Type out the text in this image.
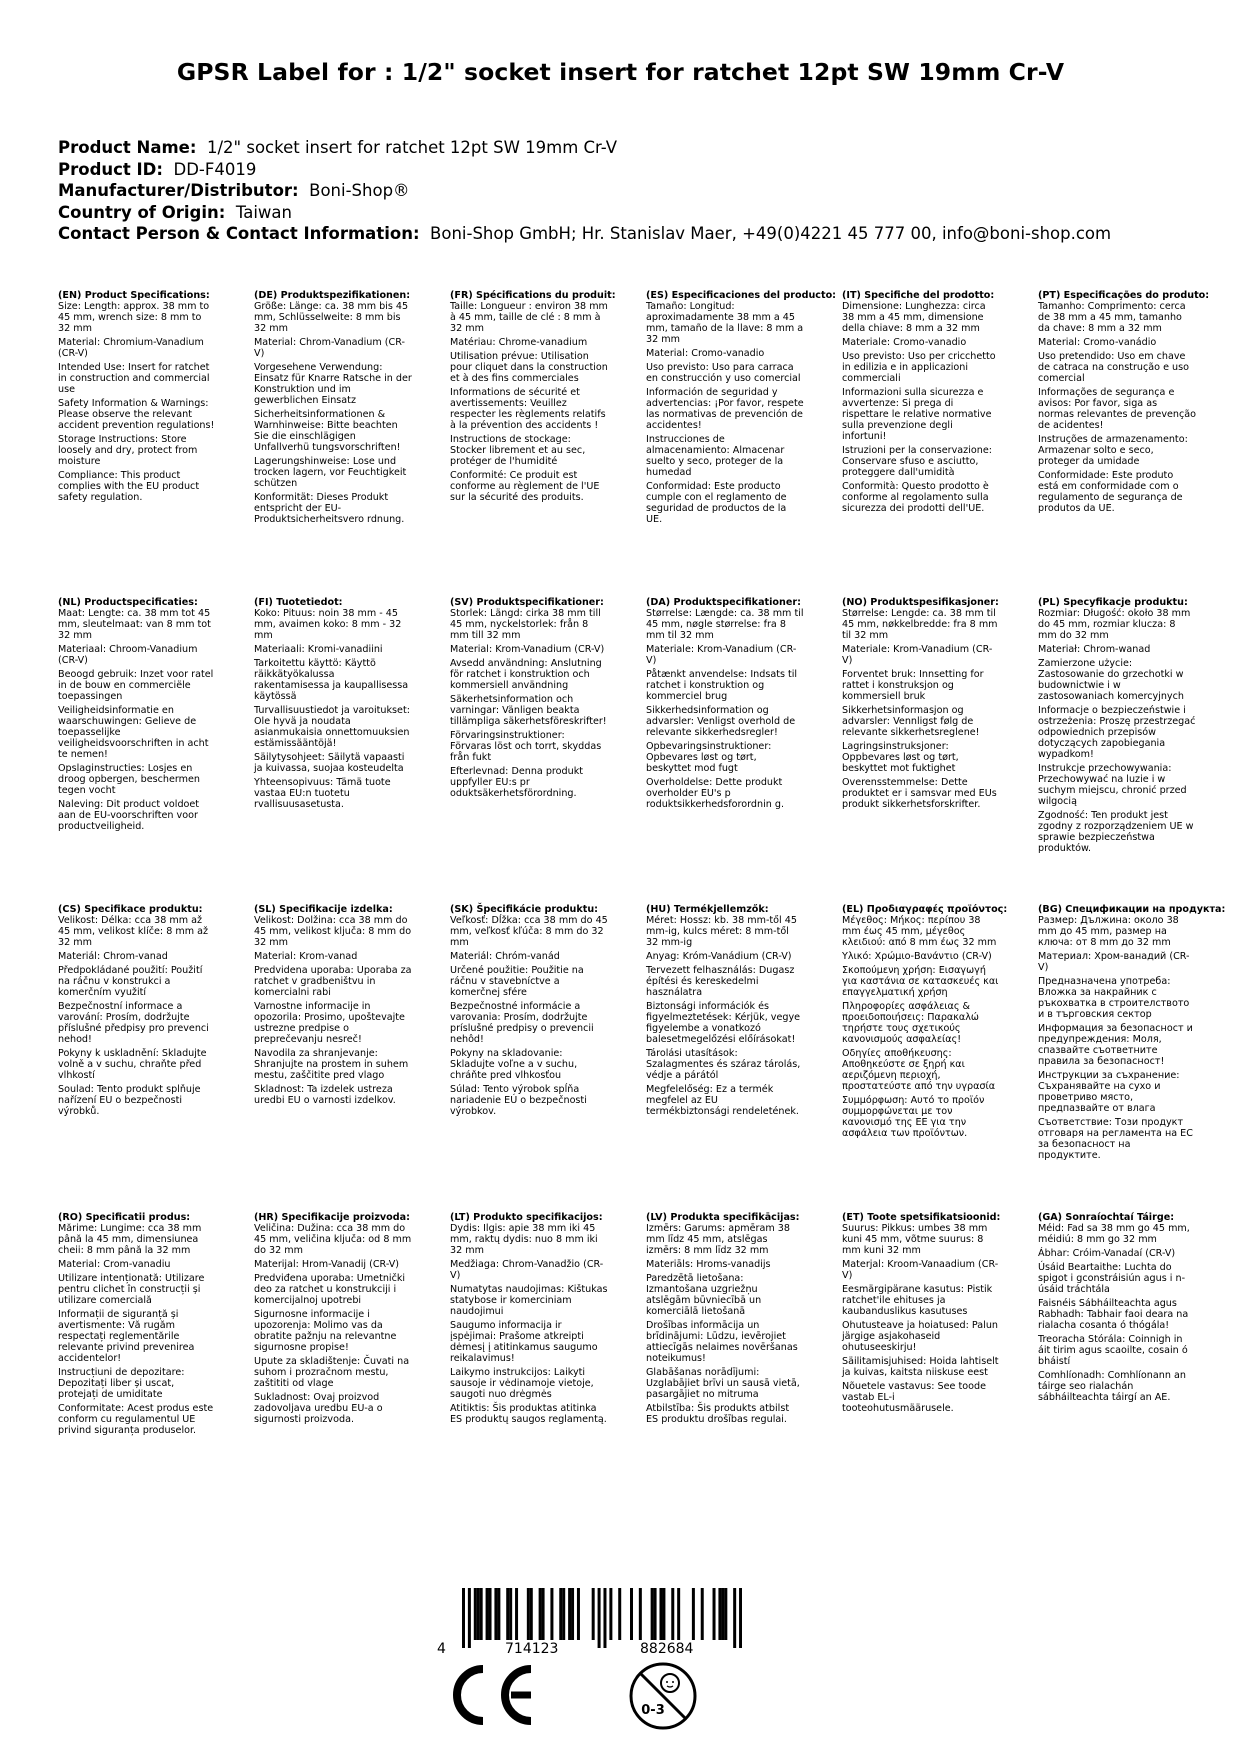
GPSR Label for : 1/2" socket insert for ratchet 12pt SW 19mm Cr-V
Product Name: 1/2" socket insert for ratchet 12pt SW 19mm Cr-V
Product ID: DD-F4019
Manufacturer/Distributor: Boni-Shop®
Country of Origin: Taiwan
Contact Person & Contact Information: Boni-Shop GmbH; Hr. Stanislav Maer, +49(0)4221 45 777 00, info@boni-shop.com
(EN) Product Specifications:

Size: Length: approx. 38 mm to 45 mm, wrench size: 8 mm to 32 mm

Material: Chromium-Vanadium (CR-V)

Intended Use: Insert for ratchet in construction and commercial use

Safety Information & Warnings: Please observe the relevant accident prevention regulations!

Storage Instructions: Store loosely and dry, protect from moisture

Compliance: This product complies with the EU product safety regulation.

(DE) Produktspezifikationen:

Größe: Länge: ca. 38 mm bis 45 mm, Schlüsselweite: 8 mm bis 32 mm

Material: Chrom-Vanadium (CR-V)

Vorgesehene Verwendung: Einsatz für Knarre Ratsche in der Konstruktion und im gewerblichen Einsatz

Sicherheitsinformationen & Warnhinweise: Bitte beachten Sie die einschlägigen Unfallverhü tungsvorschriften!

Lagerungshinweise: Lose und trocken lagern, vor Feuchtigkeit schützen

Konformität: Dieses Produkt entspricht der EU-Produktsicherheitsvero rdnung.

(FR) Spécifications du produit:

Taille: Longueur : environ 38 mm à 45 mm, taille de clé : 8 mm à 32 mm

Matériau: Chrome-vanadium

Utilisation prévue: Utilisation pour cliquet dans la construction et à des fins commerciales

Informations de sécurité et avertissements: Veuillez respecter les règlements relatifs à la prévention des accidents !

Instructions de stockage: Stocker librement et au sec, protéger de l'humidité

Conformité: Ce produit est conforme au règlement de l'UE sur la sécurité des produits.

(ES) Especificaciones del producto:

Tamaño: Longitud: aproximadamente 38 mm a 45 mm, tamaño de la llave: 8 mm a 32 mm

Material: Cromo-vanadio

Uso previsto: Uso para carraca en construcción y uso comercial

Información de seguridad y advertencias: ¡Por favor, respete las normativas de prevención de accidentes!

Instrucciones de almacenamiento: Almacenar suelto y seco, proteger de la humedad

Conformidad: Este producto cumple con el reglamento de seguridad de productos de la UE.

(IT) Specifiche del prodotto:

Dimensione: Lunghezza: circa 38 mm a 45 mm, dimensione della chiave: 8 mm a 32 mm

Materiale: Cromo-vanadio

Uso previsto: Uso per cricchetto in edilizia e in applicazioni commerciali

Informazioni sulla sicurezza e avvertenze: Si prega di rispettare le relative normative sulla prevenzione degli infortuni!

Istruzioni per la conservazione: Conservare sfuso e asciutto, proteggere dall'umidità

Conformità: Questo prodotto è conforme al regolamento sulla sicurezza dei prodotti dell'UE.

(PT) Especificações do produto:

Tamanho: Comprimento: cerca de 38 mm a 45 mm, tamanho da chave: 8 mm a 32 mm

Material: Cromo-vanádio

Uso pretendido: Uso em chave de catraca na construção e uso comercial

Informações de segurança e avisos: Por favor, siga as normas relevantes de prevenção de acidentes!

Instruções de armazenamento: Armazenar solto e seco, proteger da umidade

Conformidade: Este produto está em conformidade com o regulamento de segurança de produtos da UE.

(NL) Productspecificaties:

Maat: Lengte: ca. 38 mm tot 45 mm, sleutelmaat: van 8 mm tot 32 mm

Materiaal: Chroom-Vanadium (CR-V)

Beoogd gebruik: Inzet voor ratel in de bouw en commerciële toepassingen

Veiligheidsinformatie en waarschuwingen: Gelieve de toepasselijke veiligheidsvoorschriften in acht te nemen!

Opslaginstructies: Losjes en droog opbergen, beschermen tegen vocht

Naleving: Dit product voldoet aan de EU-voorschriften voor productveiligheid.

(FI) Tuotetiedot:

Koko: Pituus: noin 38 mm - 45 mm, avaimen koko: 8 mm - 32 mm

Materiaali: Kromi-vanadiini

Tarkoitettu käyttö: Käyttö räikkätyökalussa rakentamisessa ja kaupallisessa käytössä

Turvallisuustiedot ja varoitukset: Ole hyvä ja noudata asianmukaisia onnettomuuksien estämissääntöjä!

Säilytysohjeet: Säilytä vapaasti ja kuivassa, suojaa kosteudelta

Yhteensopivuus: Tämä tuote vastaa EU:n tuotetu rvallisuusasetusta.

(SV) Produktspecifikationer:

Storlek: Längd: cirka 38 mm till 45 mm, nyckelstorlek: från 8 mm till 32 mm

Material: Krom-Vanadium (CR-V)

Avsedd användning: Anslutning för ratchet i konstruktion och kommersiell användning

Säkerhetsinformation och varningar: Vänligen beakta tillämpliga säkerhetsföreskrifter!

Förvaringsinstruktioner: Förvaras löst och torrt, skyddas från fukt

Efterlevnad: Denna produkt uppfyller EU:s pr oduktsäkerhetsförordning.

(DA) Produktspecifikationer:

Størrelse: Længde: ca. 38 mm til 45 mm, nøgle størrelse: fra 8 mm til 32 mm

Materiale: Krom-Vanadium (CR-V)

Påtænkt anvendelse: Indsats til ratchet i konstruktion og kommerciel brug

Sikkerhedsinformation og advarsler: Venligst overhold de relevante sikkerhedsregler!

Opbevaringsinstruktioner: Opbevares løst og tørt, beskyttet mod fugt

Overholdelse: Dette produkt overholder EU's p roduktsikkerhedsforordnin g.

(NO) Produktspesifikasjoner:

Størrelse: Lengde: ca. 38 mm til 45 mm, nøkkelbredde: fra 8 mm til 32 mm

Materiale: Krom-Vanadium (CR-V)

Forventet bruk: Innsetting for rattet i konstruksjon og kommersiell bruk

Sikkerhetsinformasjon og advarsler: Vennligst følg de relevante sikkerhetsreglene!

Lagringsinstruksjoner: Oppbevares løst og tørt, beskyttet mot fuktighet

Overensstemmelse: Dette produktet er i samsvar med EUs produkt sikkerhetsforskrifter.

(PL) Specyfikacje produktu:

Rozmiar: Długość: około 38 mm do 45 mm, rozmiar klucza: 8 mm do 32 mm

Materiał: Chrom-wanad

Zamierzone użycie: Zastosowanie do grzechotki w budownictwie i w zastosowaniach komercyjnych

Informacje o bezpieczeństwie i ostrzeżenia: Proszę przestrzegać odpowiednich przepisów dotyczących zapobiegania wypadkom!

Instrukcje przechowywania: Przechowywać na luzie i w suchym miejscu, chronić przed wilgocią

Zgodność: Ten produkt jest zgodny z rozporządzeniem UE w sprawie bezpieczeństwa produktów.

(CS) Specifikace produktu:

Velikost: Délka: cca 38 mm až 45 mm, velikost klíče: 8 mm až 32 mm

Materiál: Chrom-vanad

Předpokládané použití: Použití na ráčnu v konstrukci a komerčním využití

Bezpečnostní informace a varování: Prosím, dodržujte příslušné předpisy pro prevenci nehod!

Pokyny k uskladnění: Skladujte volně a v suchu, chraňte před vlhkostí

Soulad: Tento produkt splňuje nařízení EU o bezpečnosti výrobků.

(SL) Specifikacije izdelka:

Velikost: Dolžina: cca 38 mm do 45 mm, velikost ključa: 8 mm do 32 mm

Material: Krom-vanad

Predvidena uporaba: Uporaba za ratchet v gradbeništvu in komercialni rabi

Varnostne informacije in opozorila: Prosimo, upoštevajte ustrezne predpise o preprečevanju nesreč!

Navodila za shranjevanje: Shranjujte na prostem in suhem mestu, zaščitite pred vlago

Skladnost: Ta izdelek ustreza uredbi EU o varnosti izdelkov.

(SK) Špecifikácie produktu:

Veľkosť: Dĺžka: cca 38 mm do 45 mm, veľkosť kľúča: 8 mm do 32 mm

Materiál: Chróm-vanád

Určené použitie: Použitie na ráčnu v stavebníctve a komerčnej sfére

Bezpečnostné informácie a varovania: Prosím, dodržujte príslušné predpisy o prevencii nehôd!

Pokyny na skladovanie: Skladujte voľne a v suchu, chráňte pred vlhkosťou

Súlad: Tento výrobok spĺňa nariadenie EÚ o bezpečnosti výrobkov.

(HU) Termékjellemzők:

Méret: Hossz: kb. 38 mm-től 45 mm-ig, kulcs méret: 8 mm-től 32 mm-ig

Anyag: Króm-Vanádium (CR-V)

Tervezett felhasználás: Dugasz építési és kereskedelmi használatra

Biztonsági információk és figyelmeztetések: Kérjük, vegye figyelembe a vonatkozó balesetmegelőzési előírásokat!

Tárolási utasítások: Szalagmentes és száraz tárolás, védje a párától

Megfelelőség: Ez a termék megfelel az EU termékbiztonsági rendeletének.

(EL) Προδιαγραφές προϊόντος:

Μέγεθος: Μήκος: περίπου 38 mm έως 45 mm, μέγεθος κλειδιού: από 8 mm έως 32 mm

Υλικό: Χρώμιο-Βανάντιο (CR-V)

Σκοπούμενη χρήση: Εισαγωγή για καστάνια σε κατασκευές και επαγγελματική χρήση

Πληροφορίες ασφάλειας & προειδοποιήσεις: Παρακαλώ τηρήστε τους σχετικούς κανονισμούς ασφαλείας!

Οδηγίες αποθήκευσης: Αποθηκεύστε σε ξηρή και αεριζόμενη περιοχή, προστατεύστε από την υγρασία

Συμμόρφωση: Αυτό το προϊόν συμμορφώνεται με τον κανονισμό της ΕΕ για την ασφάλεια των προϊόντων.

(BG) Спецификации на продукта:

Размер: Дължина: около 38 mm до 45 mm, размер на ключа: от 8 mm до 32 mm

Материал: Хром-ванадий (CR-V)

Предназначена употреба: Вложка за накрайник с ръкохватка в строителството и в търговския сектор

Информация за безопасност и предупреждения: Моля, спазвайте съответните правила за безопасност!

Инструкции за съхранение: Съхранявайте на сухо и проветриво място, предпазвайте от влага

Съответствие: Този продукт отговаря на регламента на ЕС за безопасност на продуктите.

(RO) Specificatii produs:

Mărime: Lungime: cca 38 mm până la 45 mm, dimensiunea cheii: 8 mm până la 32 mm

Material: Crom-vanadiu

Utilizare intenționată: Utilizare pentru clichet în construcții și utilizare comercială

Informații de siguranță și avertismente: Vă rugăm respectați reglementările relevante privind prevenirea accidentelor!

Instrucțiuni de depozitare: Depozitați liber și uscat, protejați de umiditate

Conformitate: Acest produs este conform cu regulamentul UE privind siguranța produselor.

(HR) Specifikacije proizvoda:

Veličina: Dužina: cca 38 mm do 45 mm, veličina ključa: od 8 mm do 32 mm

Materijal: Hrom-Vanadij (CR-V)

Predviđena uporaba: Umetnički deo za ratchet u konstrukciji i komercijalnoj upotrebi

Sigurnosne informacije i upozorenja: Molimo vas da obratite pažnju na relevantne sigurnosne propise!

Upute za skladištenje: Čuvati na suhom i prozračnom mestu, zaštititi od vlage

Sukladnost: Ovaj proizvod zadovoljava uredbu EU-a o sigurnosti proizvoda.

(LT) Produkto specifikacijos:

Dydis: Ilgis: apie 38 mm iki 45 mm, raktų dydis: nuo 8 mm iki 32 mm

Medžiaga: Chrom-Vanadžio (CR-V)

Numatytas naudojimas: Kištukas statybose ir komerciniam naudojimui

Saugumo informacija ir įspėjimai: Prašome atkreipti dėmesį į atitinkamus saugumo reikalavimus!

Laikymo instrukcijos: Laikyti sausoje ir vėdinamoje vietoje, saugoti nuo drėgmės

Atitiktis: Šis produktas atitinka ES produktų saugos reglamentą.

(LV) Produkta specifikācijas:

Izmērs: Garums: apmēram 38 mm līdz 45 mm, atslēgas izmērs: 8 mm līdz 32 mm

Materiāls: Hroms-vanadijs

Paredzētā lietošana: Izmantošana uzgriežņu atslēgām būvniecībā un komerciālā lietošanā

Drošības informācija un brīdinājumi: Lūdzu, ievērojiet attiecīgās nelaimes novēršanas noteikumus!

Glabāšanas norādījumi: Uzglabājiet brīvi un sausā vietā, pasargājiet no mitruma

Atbilstība: Šis produkts atbilst ES produktu drošības regulai.

(ET) Toote spetsifikatsioonid:

Suurus: Pikkus: umbes 38 mm kuni 45 mm, võtme suurus: 8 mm kuni 32 mm

Materjal: Kroom-Vanaadium (CR-V)

Eesmärgipärane kasutus: Pistik ratchet'ile ehituses ja kaubanduslikus kasutuses

Ohutusteave ja hoiatused: Palun järgige asjakohaseid ohutuseeskirju!

Säilitamisjuhised: Hoida lahtiselt ja kuivas, kaitsta niiskuse eest

Nõuetele vastavus: See toode vastab EL-i tooteohutusmäärusele.

(GA) Sonraíochtaí Táirge:

Méid: Fad sa 38 mm go 45 mm, méidiú: 8 mm go 32 mm

Ábhar: Cróim-Vanadaí (CR-V)

Úsáid Beartaithe: Luchta do spigot i gconstráisiún agus i n-úsáid tráchtála

Faisnéis Sábháilteachta agus Rabhadh: Tabhair faoi deara na rialacha cosanta ó thógála!

Treoracha Stórála: Coinnigh in áit tirim agus scaoilte, cosain ó bháistí

Comhlíonadh: Comhlíonann an táirge seo rialachán sábháilteachta táirgí an AE.

4	714123	882684
0-3
